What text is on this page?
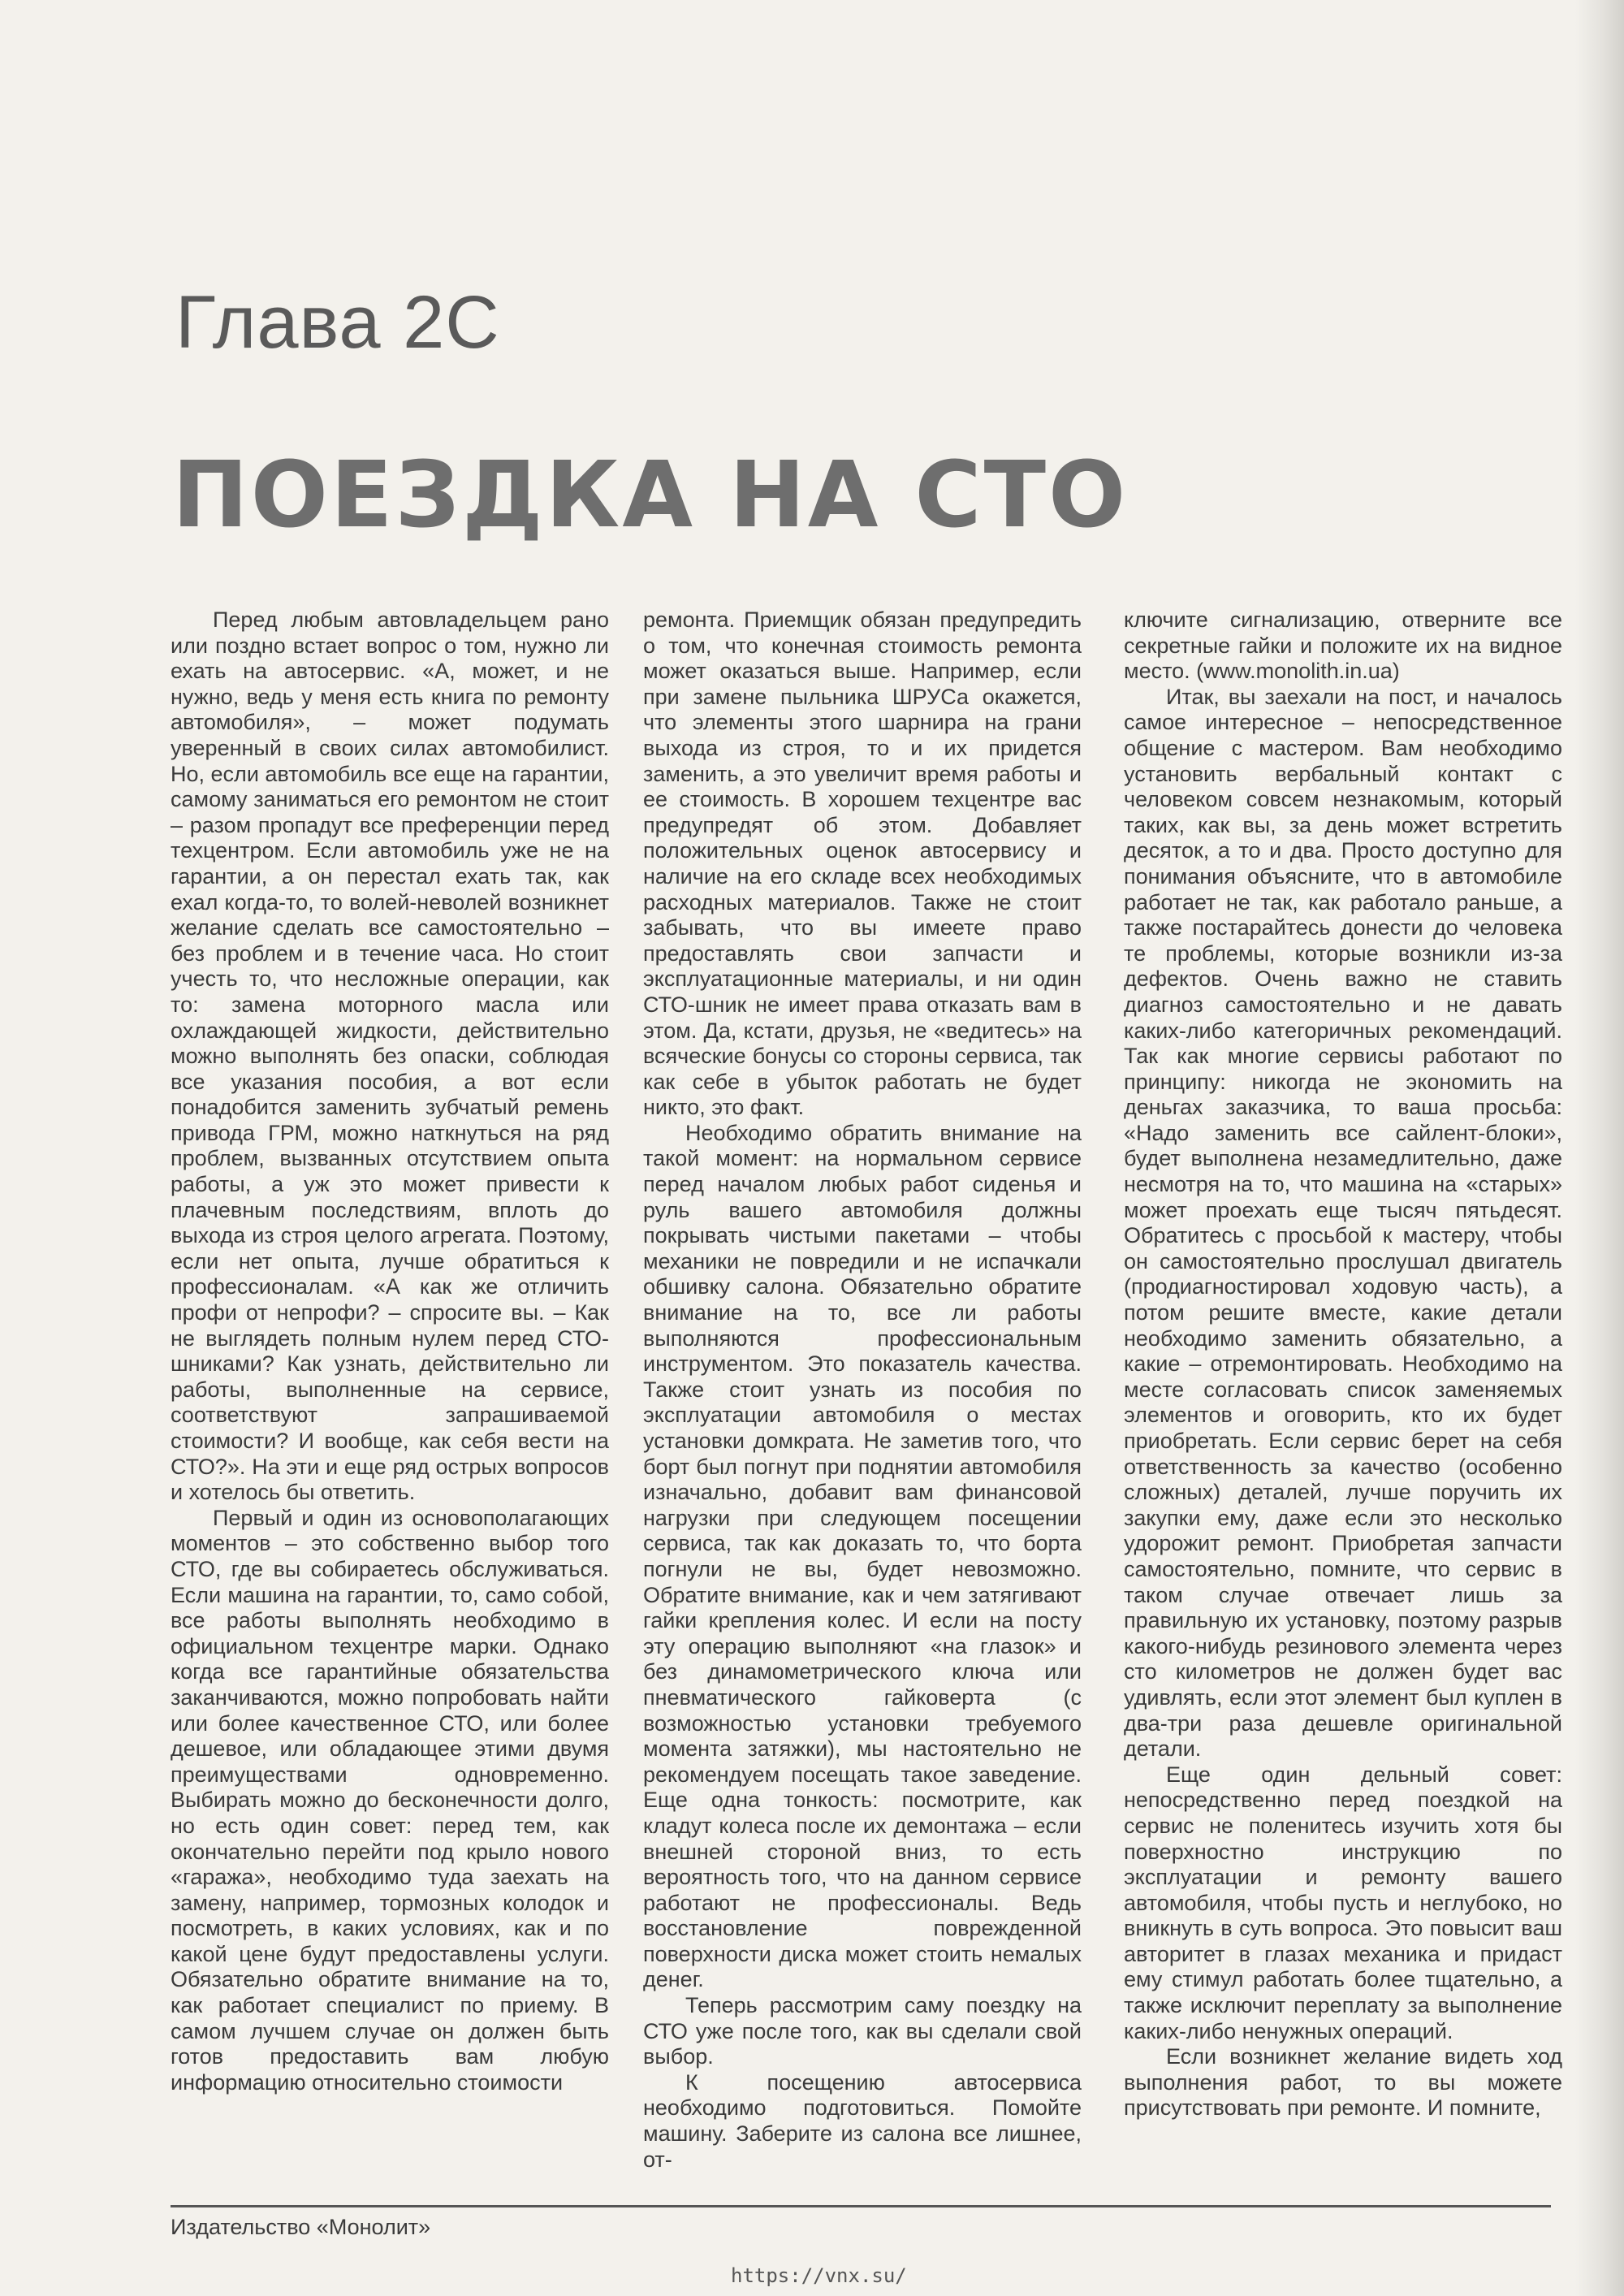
Глава 2С
ПОЕЗДКА НА СТО

Перед любым автовладельцем рано или поздно встает вопрос о том, нужно ли ехать на автосервис. «А, может, и не нужно, ведь у меня есть книга по ремонту автомобиля», – может подумать уверенный в своих силах автомобилист. Но, если автомобиль все еще на гарантии, самому заниматься его ремонтом не стоит – разом пропадут все преференции перед техцентром. Если автомобиль уже не на гарантии, а он перестал ехать так, как ехал когда-то, то волей-неволей возникнет желание сделать все самостоятельно – без проблем и в течение часа. Но стоит учесть то, что несложные операции, как то: замена моторного масла или охлаждающей жидкости, действительно можно выполнять без опаски, соблюдая все указания пособия, а вот если понадобится заменить зубчатый ремень привода ГРМ, можно наткнуться на ряд проблем, вызванных отсутствием опыта работы, а уж это может привести к плачевным последствиям, вплоть до выхода из строя целого агрегата. Поэтому, если нет опыта, лучше обратиться к профессионалам. «А как же отличить профи от непрофи? – спросите вы. – Как не выглядеть полным нулем перед СТО-шниками? Как узнать, действительно ли работы, выполненные на сервисе, соответствуют запрашиваемой стоимости? И вообще, как себя вести на СТО?». На эти и еще ряд острых вопросов и хотелось бы ответить.

Первый и один из основополагающих моментов – это собственно выбор того СТО, где вы собираетесь обслуживаться. Если машина на гарантии, то, само собой, все работы выполнять необходимо в официальном техцентре марки. Однако когда все гарантийные обязательства заканчиваются, можно попробовать найти или более качественное СТО, или более дешевое, или обладающее этими двумя преимуществами одновременно. Выбирать можно до бесконечности долго, но есть один совет: перед тем, как окончательно перейти под крыло нового «гаража», необходимо туда заехать на замену, например, тормозных колодок и посмотреть, в каких условиях, как и по какой цене будут предоставлены услуги. Обязательно обратите внимание на то, как работает специалист по приему. В самом лучшем случае он должен быть готов предоставить вам любую информацию относительно стоимости

ремонта. Приемщик обязан предупредить о том, что конечная стоимость ремонта может оказаться выше. Например, если при замене пыльника ШРУСа окажется, что элементы этого шарнира на грани выхода из строя, то и их придется заменить, а это увеличит время работы и ее стоимость. В хорошем техцентре вас предупредят об этом. Добавляет положительных оценок автосервису и наличие на его складе всех необходимых расходных материалов. Также не стоит забывать, что вы имеете право предоставлять свои запчасти и эксплуатационные материалы, и ни один СТО-шник не имеет права отказать вам в этом. Да, кстати, друзья, не «ведитесь» на всяческие бонусы со стороны сервиса, так как себе в убыток работать не будет никто, это факт.

Необходимо обратить внимание на такой момент: на нормальном сервисе перед началом любых работ сиденья и руль вашего автомобиля должны покрывать чистыми пакетами – чтобы механики не повредили и не испачкали обшивку салона. Обязательно обратите внимание на то, все ли работы выполняются профессиональным инструментом. Это показатель качества. Также стоит узнать из пособия по эксплуатации автомобиля о местах установки домкрата. Не заметив того, что борт был погнут при поднятии автомобиля изначально, добавит вам финансовой нагрузки при следующем посещении сервиса, так как доказать то, что борта погнули не вы, будет невозможно. Обратите внимание, как и чем затягивают гайки крепления колес. И если на посту эту операцию выполняют «на глазок» и без динамометрического ключа или пневматического гайковерта (с возможностью установки требуемого момента затяжки), мы настоятельно не рекомендуем посещать такое заведение. Еще одна тонкость: посмотрите, как кладут колеса после их демонтажа – если внешней стороной вниз, то есть вероятность того, что на данном сервисе работают не профессионалы. Ведь восстановление поврежденной поверхности диска может стоить немалых денег.

Теперь рассмотрим саму поездку на СТО уже после того, как вы сделали свой выбор.

К посещению автосервиса необходимо подготовиться. Помойте машину. Заберите из салона все лишнее, от-

ключите сигнализацию, отверните все секретные гайки и положите их на видное место. (www.monolith.in.ua)

Итак, вы заехали на пост, и началось самое интересное – непосредственное общение с мастером. Вам необходимо установить вербальный контакт с человеком совсем незнакомым, который таких, как вы, за день может встретить десяток, а то и два. Просто доступно для понимания объясните, что в автомобиле работает не так, как работало раньше, а также постарайтесь донести до человека те проблемы, которые возникли из-за дефектов. Очень важно не ставить диагноз самостоятельно и не давать каких-либо категоричных рекомендаций. Так как многие сервисы работают по принципу: никогда не экономить на деньгах заказчика, то ваша просьба: «Надо заменить все сайлент-блоки», будет выполнена незамедлительно, даже несмотря на то, что машина на «старых» может проехать еще тысяч пятьдесят. Обратитесь с просьбой к мастеру, чтобы он самостоятельно прослушал двигатель (продиагностировал ходовую часть), а потом решите вместе, какие детали необходимо заменить обязательно, а какие – отремонтировать. Необходимо на месте согласовать список заменяемых элементов и оговорить, кто их будет приобретать. Если сервис берет на себя ответственность за качество (особенно сложных) деталей, лучше поручить их закупки ему, даже если это несколько удорожит ремонт. Приобретая запчасти самостоятельно, помните, что сервис в таком случае отвечает лишь за правильную их установку, поэтому разрыв какого-нибудь резинового элемента через сто километров не должен будет вас удивлять, если этот элемент был куплен в два-три раза дешевле оригинальной детали.

Еще один дельный совет: непосредственно перед поездкой на сервис не поленитесь изучить хотя бы поверхностно инструкцию по эксплуатации и ремонту вашего автомобиля, чтобы пусть и неглубоко, но вникнуть в суть вопроса. Это повысит ваш авторитет в глазах механика и придаст ему стимул работать более тщательно, а также исключит переплату за выполнение каких-либо ненужных операций.

Если возникнет желание видеть ход выполнения работ, то вы можете присутствовать при ремонте. И помните,

Издательство «Монолит»
https://vnx.su/
